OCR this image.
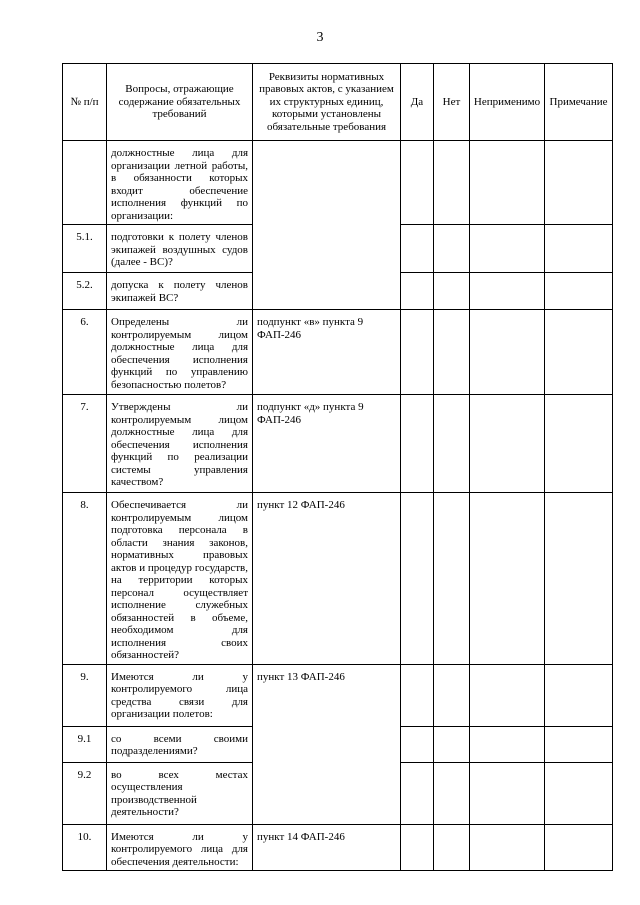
3
№ п/п	Вопросы, отражающие содержание обязательных требований	Реквизиты нормативных правовых актов, с указанием их структурных единиц, которыми установлены обязательные требования	Да	Нет	Неприменимо	Примечание
	должностные лица для организации летной работы, в обязанности которых входит обеспечение исполнения функций по организации:					
5.1.	подготовки к полету членов экипажей воздушных судов (далее - ВС)?					
5.2.	допуска к полету членов экипажей ВС?					
6.	Определены ли контролируемым лицом должностные лица для обеспечения исполнения функций по управлению безопасностью полетов?	подпункт «в» пункта 9 ФАП-246				
7.	Утверждены ли контролируемым лицом должностные лица для обеспечения исполнения функций по реализации системы управления качеством?	подпункт «д» пункта 9 ФАП-246				
8.	Обеспечивается ли контролируемым лицом подготовка персонала в области знания законов, нормативных правовых актов и процедур государств, на территории которых персонал осуществляет исполнение служебных обязанностей в объеме, необходимом для исполнения своих обязанностей?	пункт 12 ФАП-246				
9.	Имеются ли у контролируемого лица средства связи для организации полетов:	пункт 13 ФАП-246				
9.1	со всеми своими подразделениями?					
9.2	во всех местах осуществления производственной деятельности?					
10.	Имеются ли у контролируемого лица для обеспечения деятельности:	пункт 14 ФАП-246				
